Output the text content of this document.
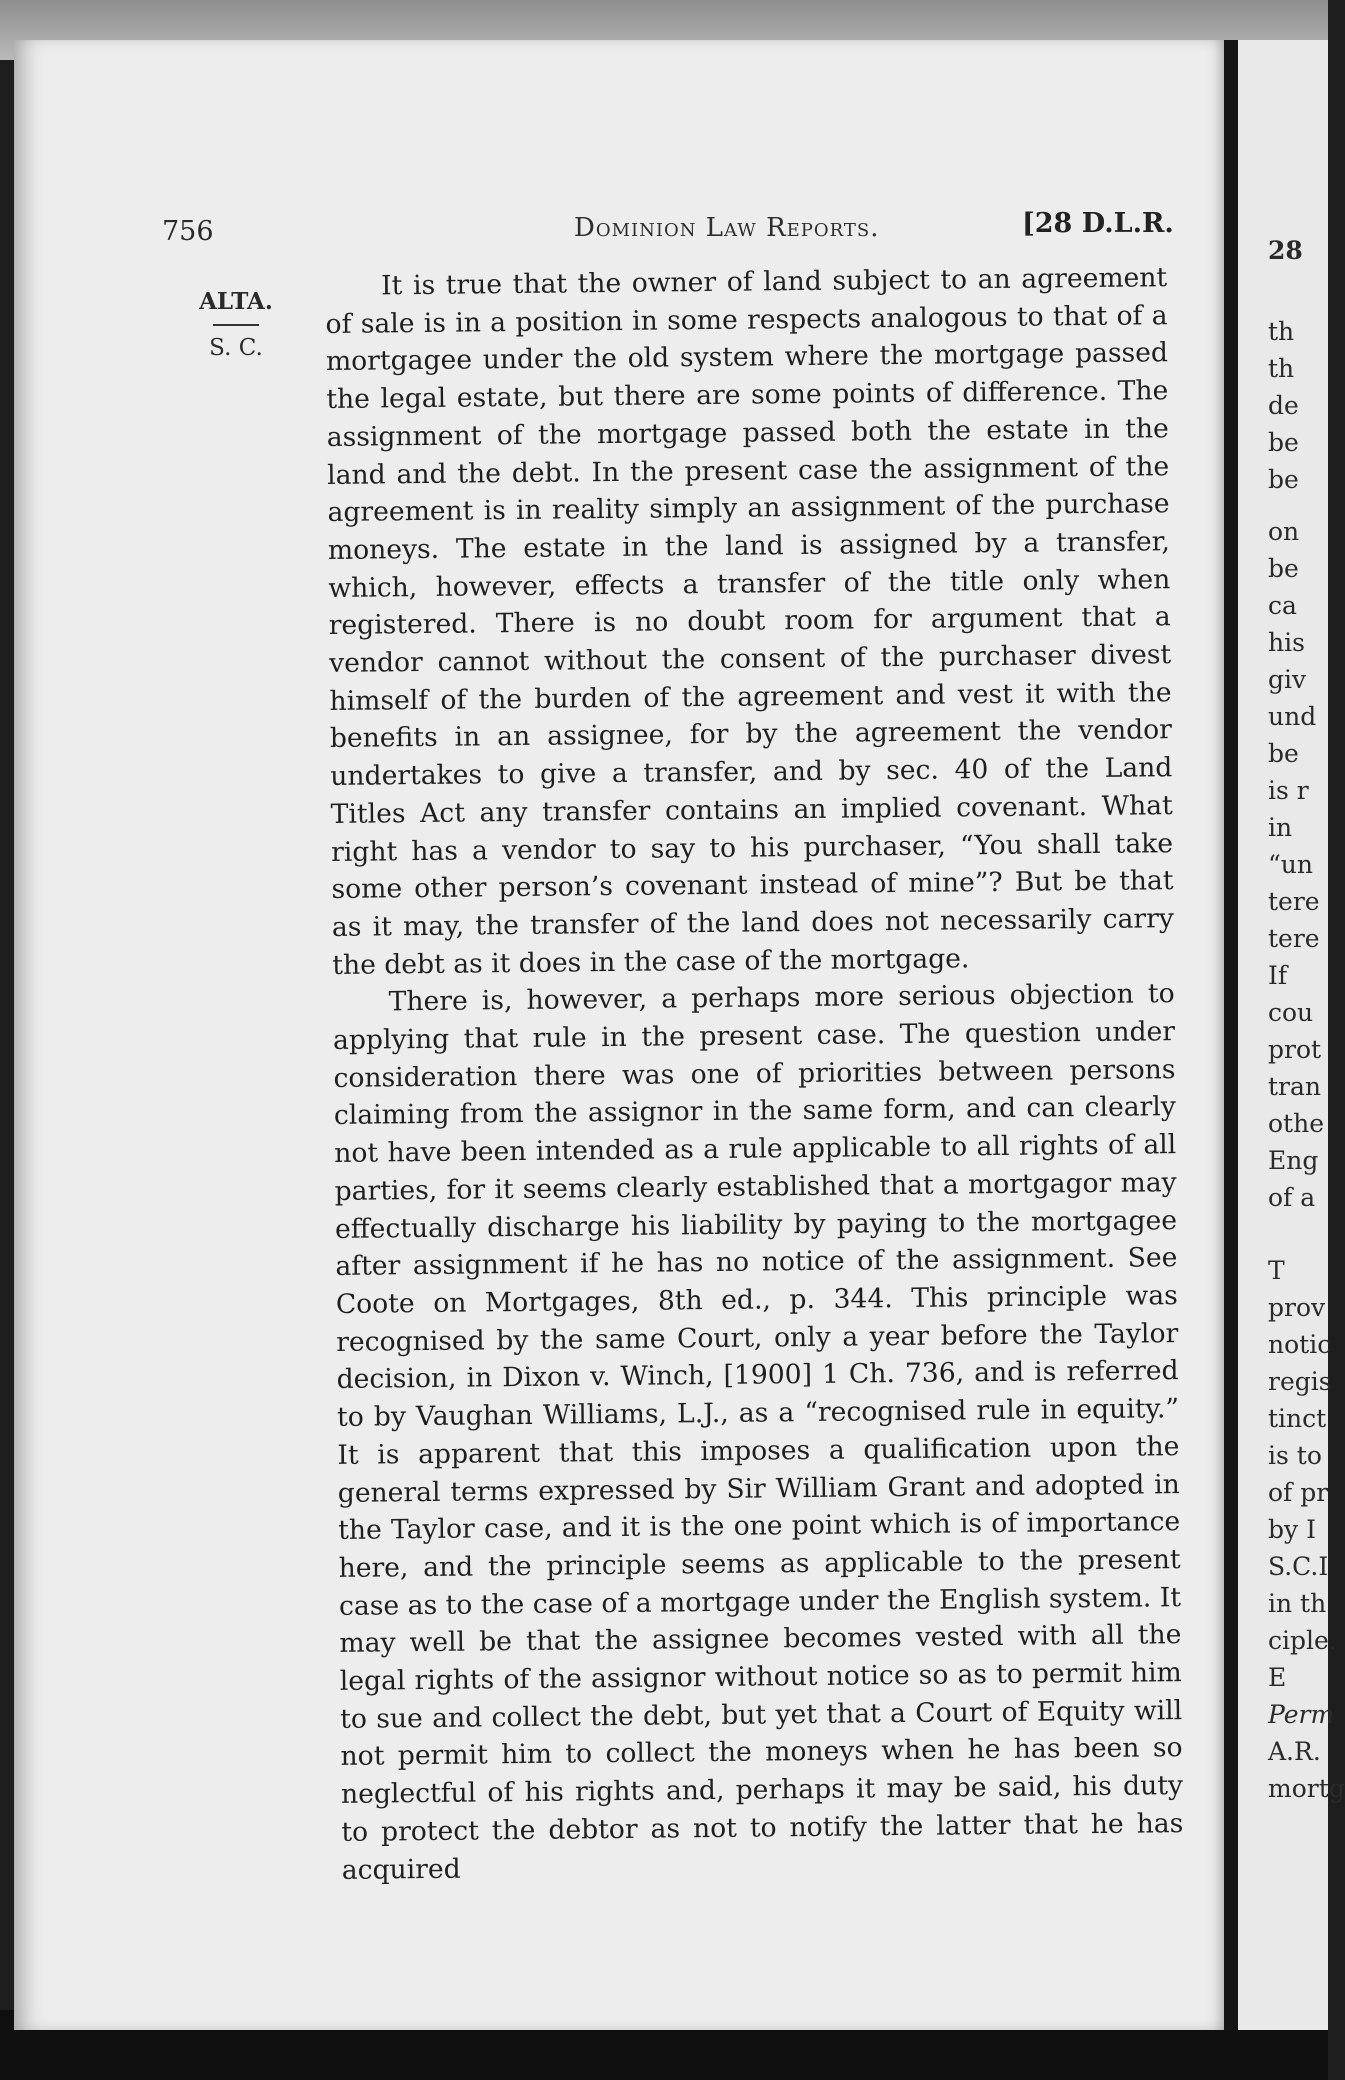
28
th
th
de
be
be
on
be
ca
his
giv
und
be
is r
in
“un
tere
tere
If
cou
prot
tran
othe
Eng
of a
T
prov
notic
regis
tinct
is to
of pr
by I
S.C.I
in th
ciple.
E
Perm
A.R.
mortg
756	Dominion Law Reports.	[28 D.L.R.
ALTA.
S. C.

It is true that the owner of land subject to an agreement of sale is in a position in some respects analogous to that of a mortgagee under the old system where the mortgage passed the legal estate, but there are some points of difference. The assignment of the mortgage passed both the estate in the land and the debt. In the present case the assignment of the agreement is in reality simply an assignment of the purchase moneys. The estate in the land is assigned by a transfer, which, however, effects a transfer of the title only when registered. There is no doubt room for argument that a vendor cannot without the consent of the purchaser divest himself of the burden of the agreement and vest it with the benefits in an assignee, for by the agreement the vendor undertakes to give a transfer, and by sec. 40 of the Land Titles Act any transfer contains an implied covenant. What right has a vendor to say to his purchaser, “You shall take some other person’s covenant instead of mine”? But be that as it may, the transfer of the land does not necessarily carry the debt as it does in the case of the mortgage.

There is, however, a perhaps more serious objection to applying that rule in the present case. The question under consideration there was one of priorities between persons claiming from the assignor in the same form, and can clearly not have been intended as a rule applicable to all rights of all parties, for it seems clearly established that a mortgagor may effectually discharge his liability by paying to the mortgagee after assignment if he has no notice of the assignment. See Coote on Mortgages, 8th ed., p. 344. This principle was recognised by the same Court, only a year before the Taylor decision, in Dixon v. Winch, [1900] 1 Ch. 736, and is referred to by Vaughan Williams, L.J., as a “recognised rule in equity.” It is apparent that this imposes a qualification upon the general terms expressed by Sir William Grant and adopted in the Taylor case, and it is the one point which is of importance here, and the principle seems as applicable to the present case as to the case of a mortgage under the English system. It may well be that the assignee becomes vested with all the legal rights of the assignor without notice so as to permit him to sue and collect the debt, but yet that a Court of Equity will not permit him to collect the moneys when he has been so neglectful of his rights and, perhaps it may be said, his duty to protect the debtor as not to notify the latter that he has acquired
